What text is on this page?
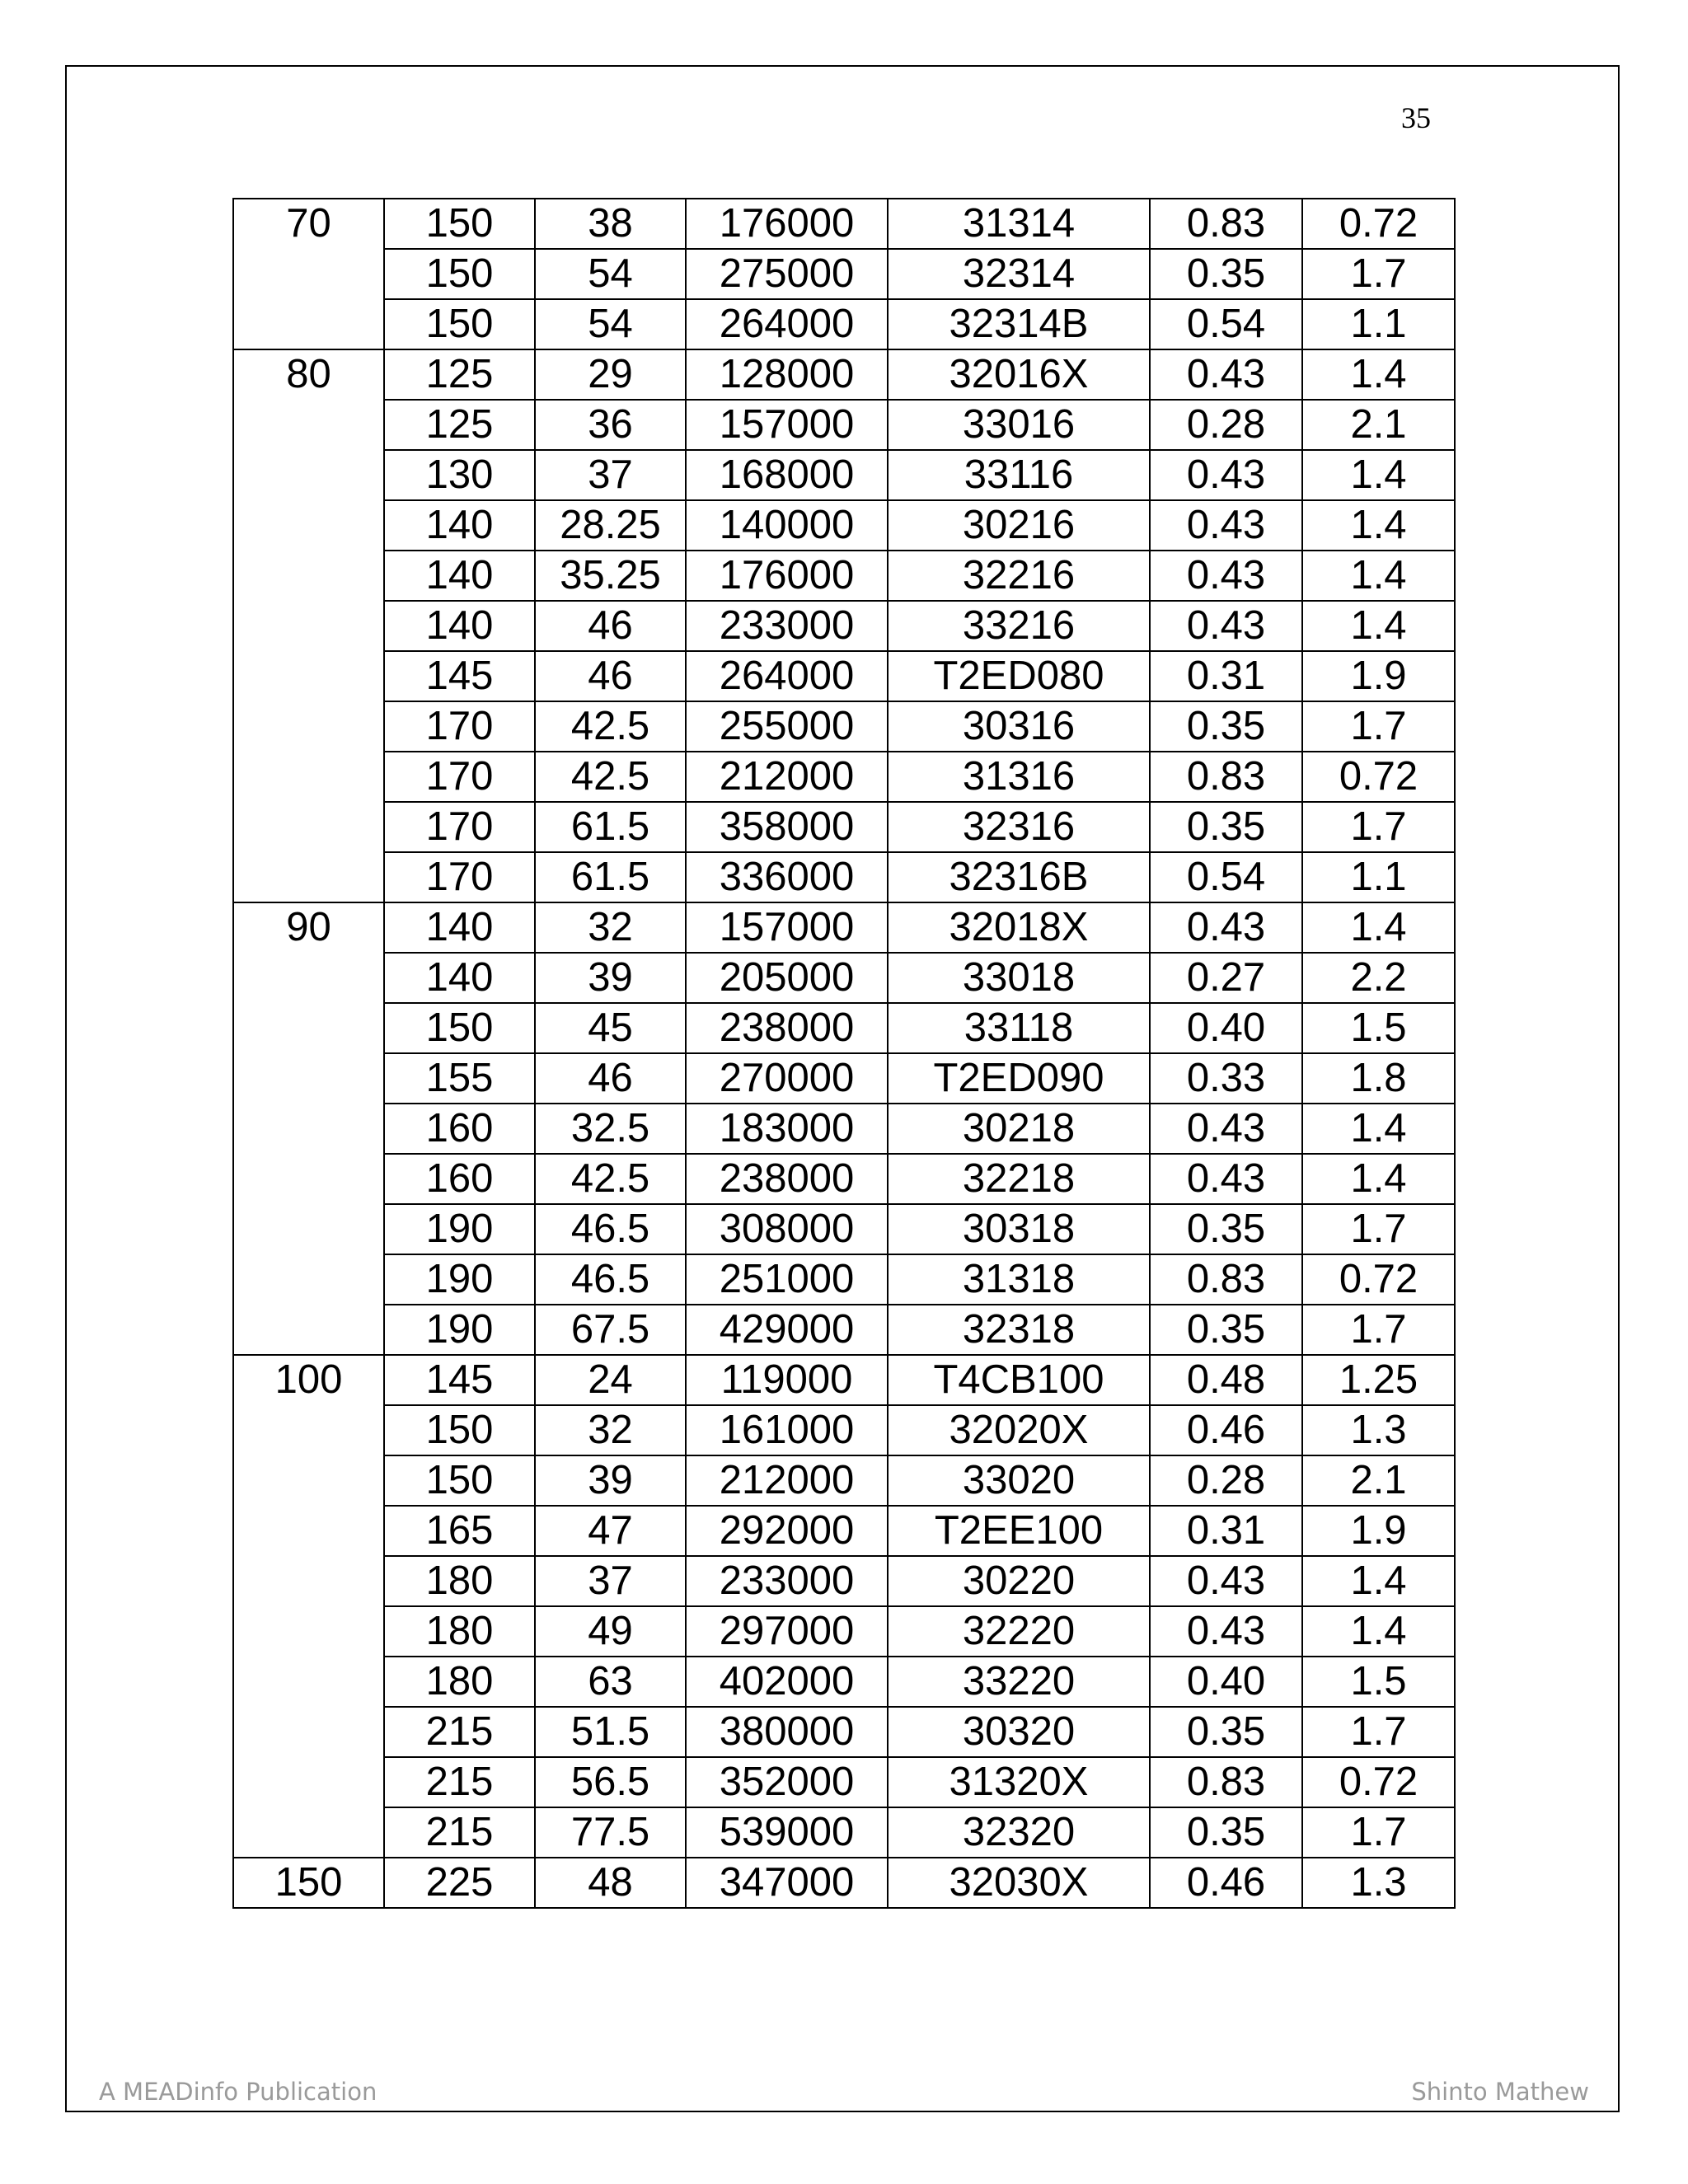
35
70	150	38	176000	31314	0.83	0.72
	150	54	275000	32314	0.35	1.7
	150	54	264000	32314B	0.54	1.1
80	125	29	128000	32016X	0.43	1.4
	125	36	157000	33016	0.28	2.1
	130	37	168000	33116	0.43	1.4
	140	28.25	140000	30216	0.43	1.4
	140	35.25	176000	32216	0.43	1.4
	140	46	233000	33216	0.43	1.4
	145	46	264000	T2ED080	0.31	1.9
	170	42.5	255000	30316	0.35	1.7
	170	42.5	212000	31316	0.83	0.72
	170	61.5	358000	32316	0.35	1.7
	170	61.5	336000	32316B	0.54	1.1
90	140	32	157000	32018X	0.43	1.4
	140	39	205000	33018	0.27	2.2
	150	45	238000	33118	0.40	1.5
	155	46	270000	T2ED090	0.33	1.8
	160	32.5	183000	30218	0.43	1.4
	160	42.5	238000	32218	0.43	1.4
	190	46.5	308000	30318	0.35	1.7
	190	46.5	251000	31318	0.83	0.72
	190	67.5	429000	32318	0.35	1.7
100	145	24	119000	T4CB100	0.48	1.25
	150	32	161000	32020X	0.46	1.3
	150	39	212000	33020	0.28	2.1
	165	47	292000	T2EE100	0.31	1.9
	180	37	233000	30220	0.43	1.4
	180	49	297000	32220	0.43	1.4
	180	63	402000	33220	0.40	1.5
	215	51.5	380000	30320	0.35	1.7
	215	56.5	352000	31320X	0.83	0.72
	215	77.5	539000	32320	0.35	1.7
150	225	48	347000	32030X	0.46	1.3
A MEADinfo Publication	Shinto Mathew
